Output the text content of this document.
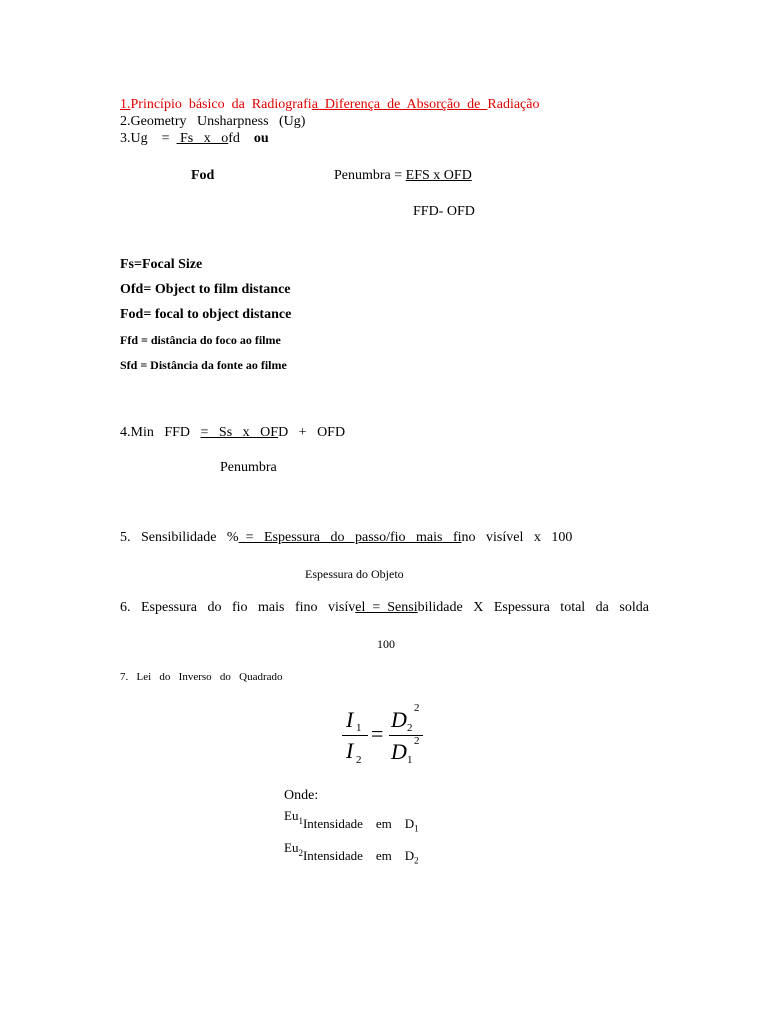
1.Princípio  básico  da  Radiografia  Diferença  de  Absorção  de  Radiação
2.Geometry   Unsharpness   (Ug)
3.Ug    =   Fs   x   ofd ou
Fod	Penumbra = EFS x OFD
FFD- OFD
Fs=Focal Size
Ofd= Object to film distance
Fod= focal to object distance
Ffd = distância do foco ao filme
Sfd = Distância da fonte ao filme
4.Min   FFD   =   Ss   x   OFD   +   OFD
Penumbra
5.   Sensibilidade   %  =   Espessura   do   passo/fio   mais   fino   visível   x   100
Espessura do Objeto
6.   Espessura   do   fio   mais   fino   visível  =  Sensibilidade   X   Espessura   total   da   solda
100
7.   Lei   do   Inverso   do   Quadrado
I 1
I 2
=
D 2
2
D 1
2
Onde:
$Eu_1Intensidade$    em    $D_1$
$Eu_2Intensidade$    em    $D_2$
